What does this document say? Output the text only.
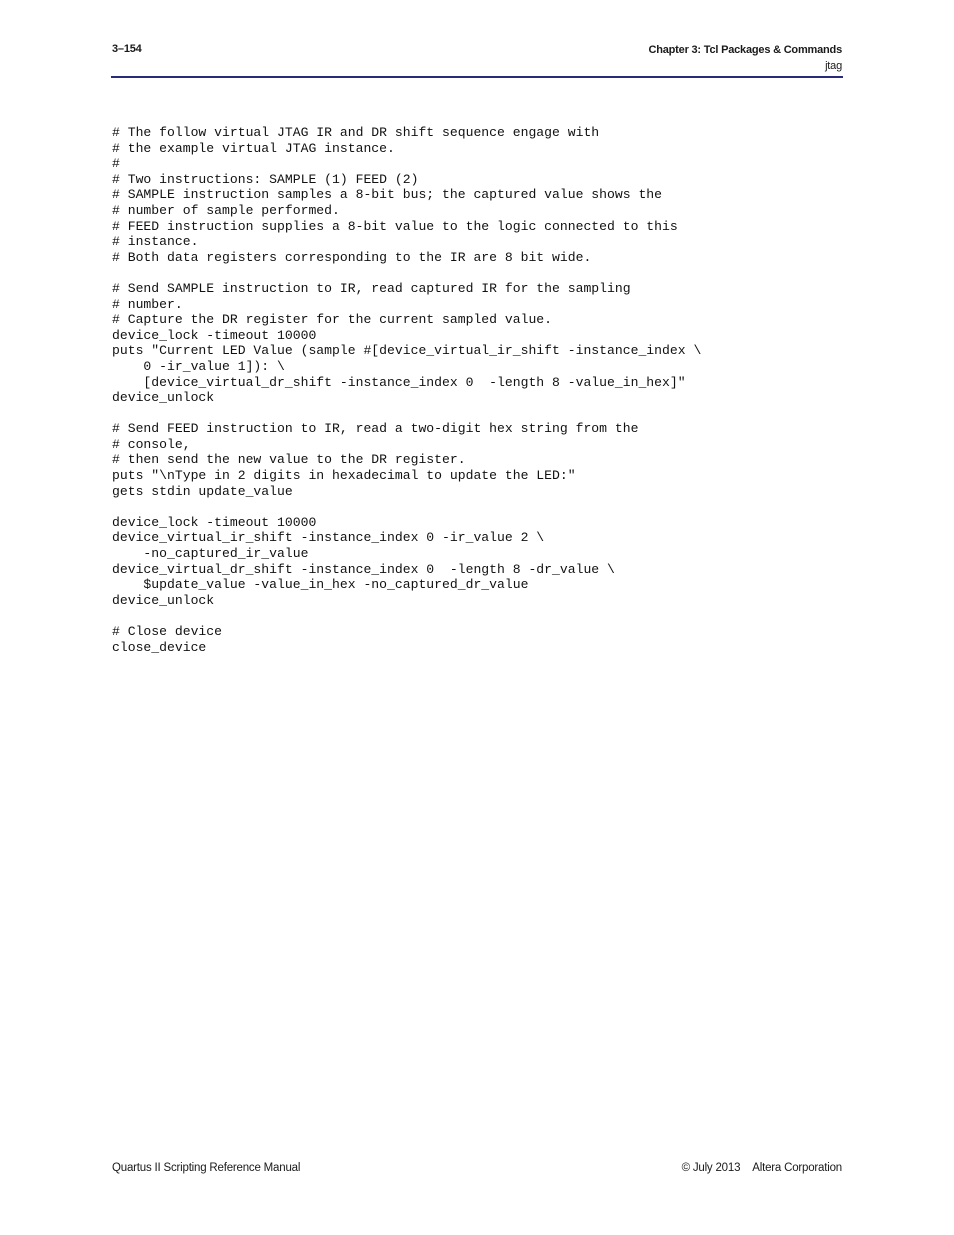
3–154	Chapter 3: Tcl Packages & Commands
jtag
# The follow virtual JTAG IR and DR shift sequence engage with
# the example virtual JTAG instance.
#
# Two instructions: SAMPLE (1) FEED (2)
# SAMPLE instruction samples a 8-bit bus; the captured value shows the
# number of sample performed.
# FEED instruction supplies a 8-bit value to the logic connected to this
# instance.
# Both data registers corresponding to the IR are 8 bit wide.
# Send SAMPLE instruction to IR, read captured IR for the sampling
# number.
# Capture the DR register for the current sampled value.
device_lock -timeout 10000
puts "Current LED Value (sample #[device_virtual_ir_shift -instance_index \
0 -ir_value 1]): \
[device_virtual_dr_shift -instance_index 0  -length 8 -value_in_hex]"
device_unlock
# Send FEED instruction to IR, read a two-digit hex string from the
# console,
# then send the new value to the DR register.
puts "\nType in 2 digits in hexadecimal to update the LED:"
gets stdin update_value
device_lock -timeout 10000
device_virtual_ir_shift -instance_index 0 -ir_value 2 \
-no_captured_ir_value
device_virtual_dr_shift -instance_index 0  -length 8 -dr_value \
$update_value -value_in_hex -no_captured_dr_value
device_unlock
# Close device
close_device
Quartus II Scripting Reference Manual	© July 2013 Altera Corporation
